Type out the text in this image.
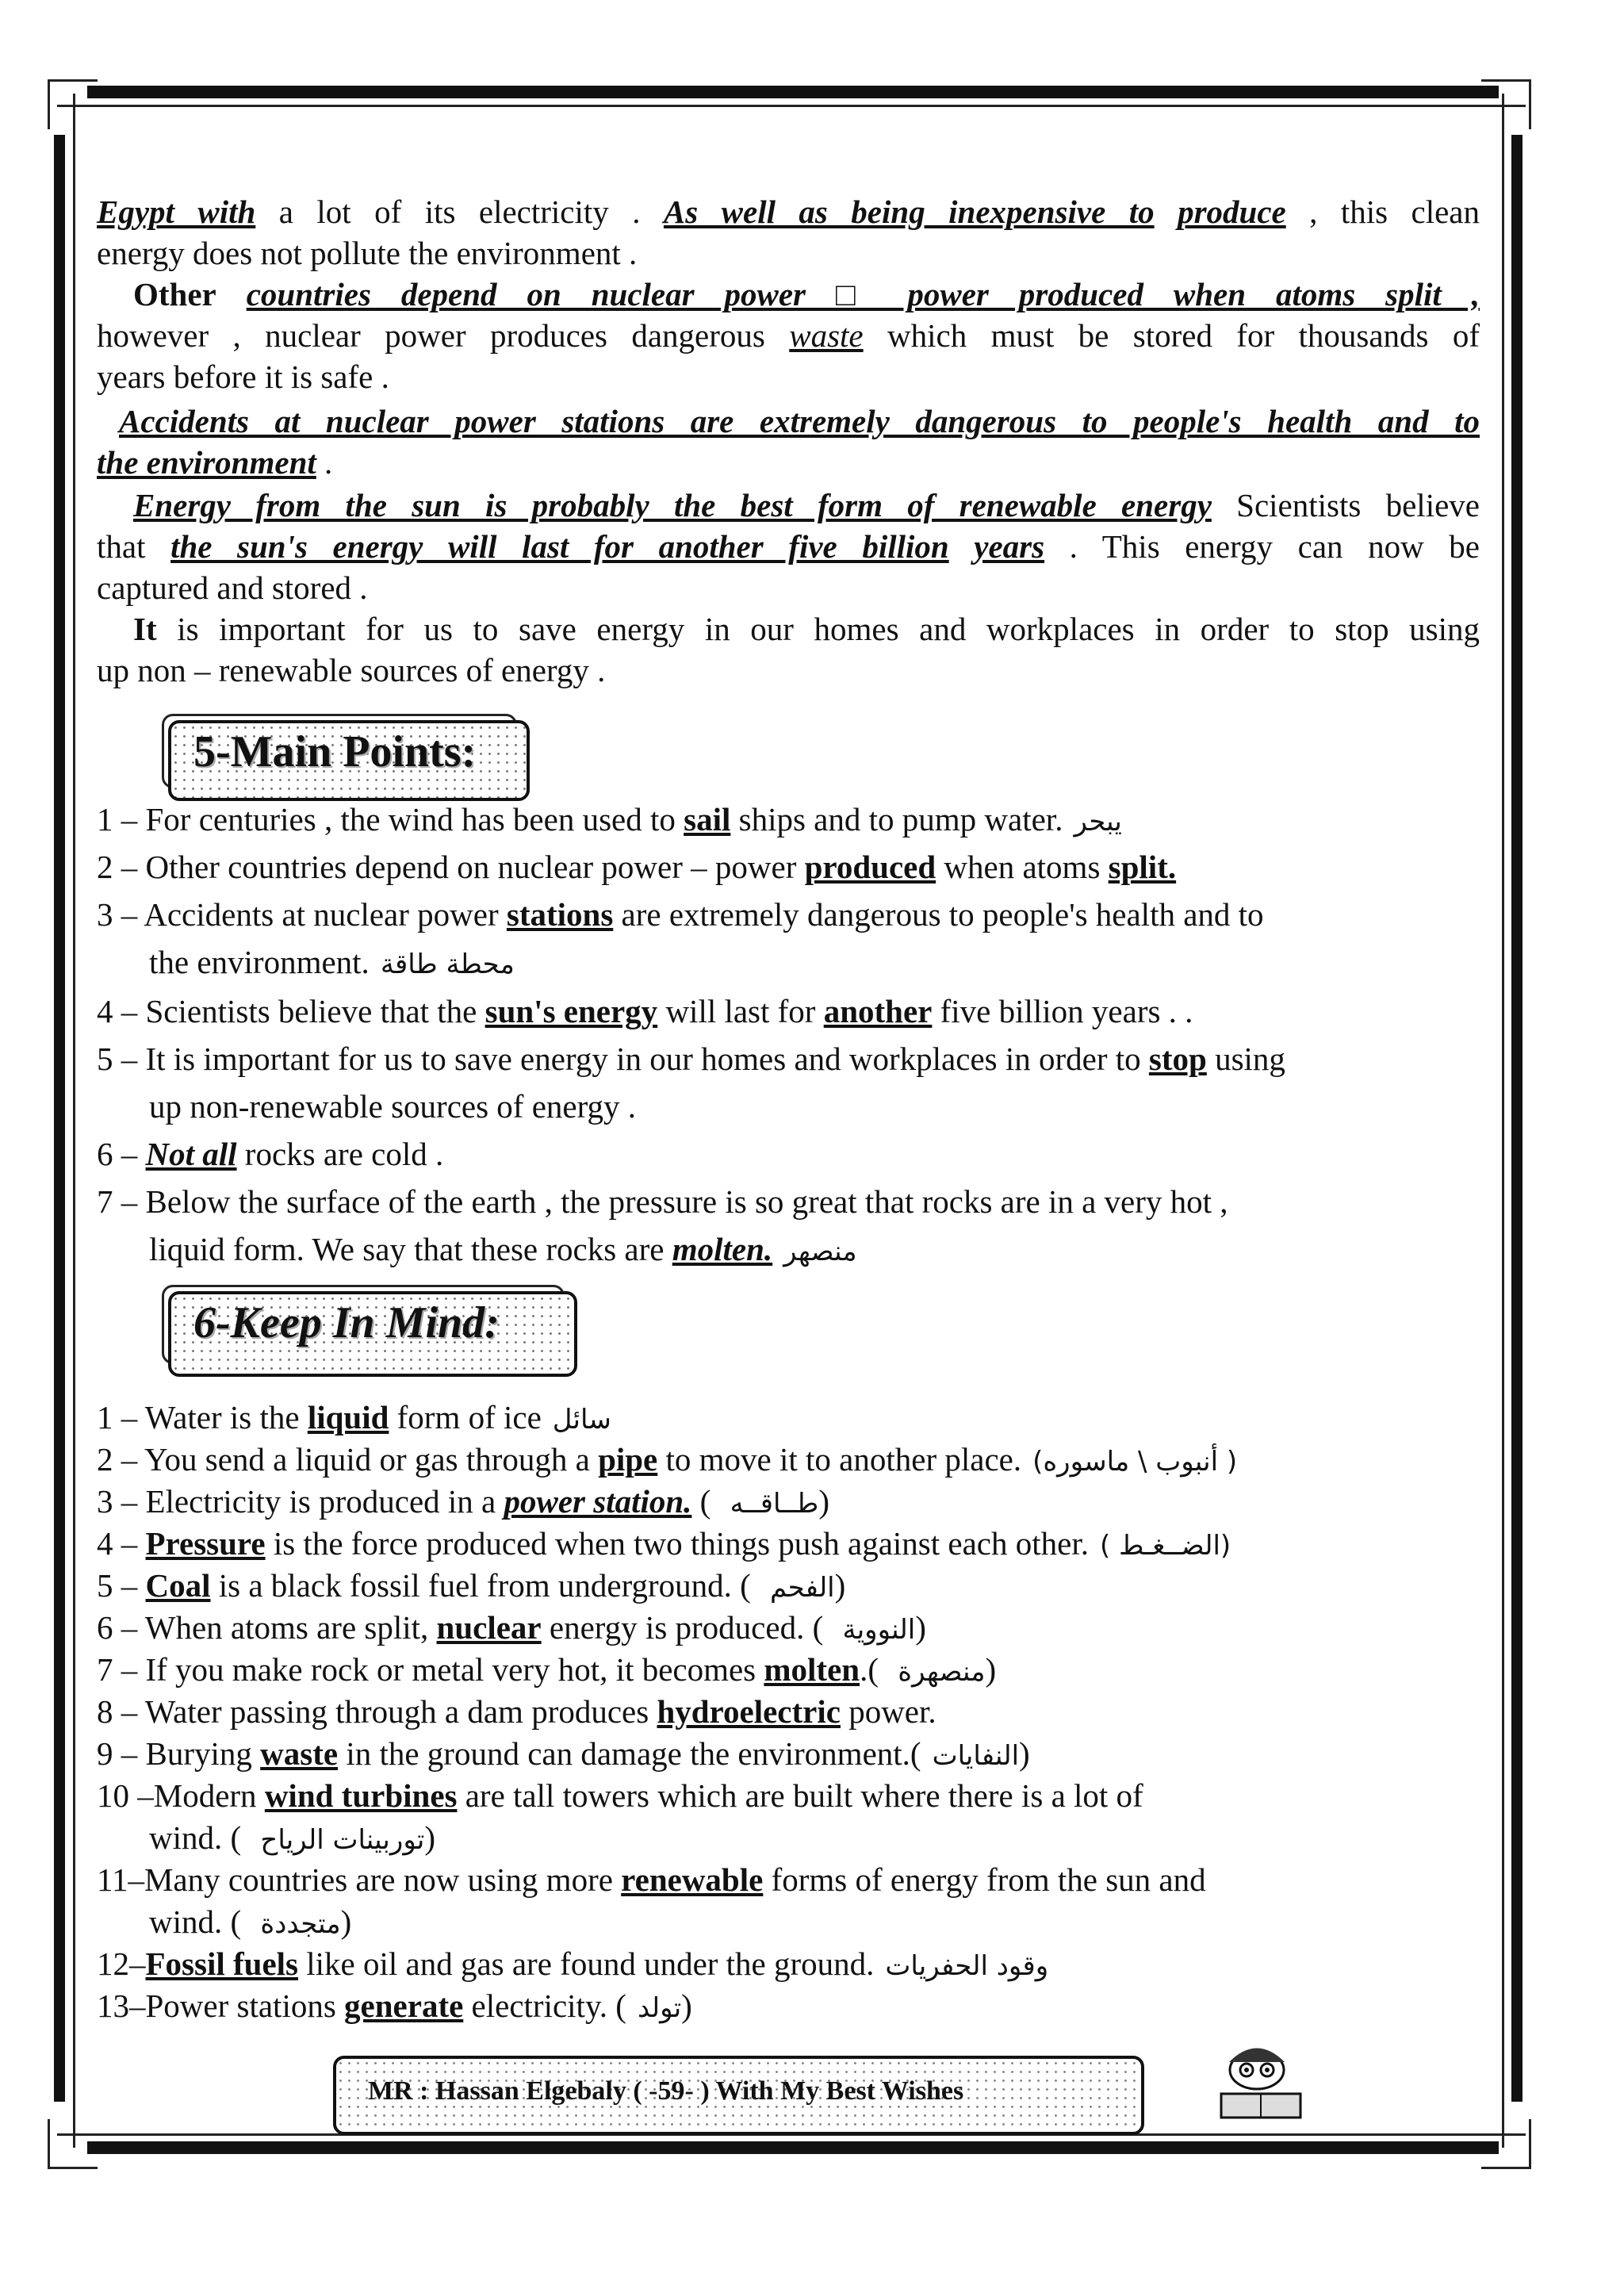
Egypt with a lot of its electricity . As well as being inexpensive to produce , this clean
energy does not pollute the environment .
Other countries depend on nuclear power □ power produced when atoms split ,
however , nuclear power produces dangerous waste which must be stored for thousands of
years before it is safe .
Accidents at nuclear power stations are extremely dangerous to people's health and to
the environment .
Energy from the sun is probably the best form of renewable energy Scientists believe
that the sun's energy will last for another five billion years . This energy can now be
captured and stored .
It is important for us to save energy in our homes and workplaces in order to stop using
up non – renewable sources of energy .
5-Main Points:
1 – For centuries , the wind has been used to sail ships and to pump water. يبحر
2 – Other countries depend on nuclear power – power produced when atoms split.
3 – Accidents at nuclear power stations are extremely dangerous to people's health and to
the environment. محطة طاقة
4 – Scientists believe that the sun's energy will last for another five billion years . .
5 – It is important for us to save energy in our homes and workplaces in order to stop using
up non-renewable sources of energy .
6 – Not all rocks are cold .
7 – Below the surface of the earth , the pressure is so great that rocks are in a very hot ,
liquid form. We say that these rocks are molten. منصهر
6-Keep In Mind:
1 – Water is the liquid form of ice سائل
2 – You send a liquid or gas through a pipe to move it to another place. ( أنبوب \ ماسوره)
3 – Electricity is produced in a power station. ( طــاقــه)
4 – Pressure is the force produced when two things push against each other. (الضــغـط )
5 – Coal is a black fossil fuel from underground. ( الفحم)
6 – When atoms are split, nuclear energy is produced. ( النووية)
7 – If you make rock or metal very hot, it becomes molten.( منصهرة)
8 – Water passing through a dam produces hydroelectric power.
9 – Burying waste in the ground can damage the environment.( النفايات)
10 –Modern wind turbines are tall towers which are built where there is a lot of
wind. ( توربينات الرياح)
11–Many countries are now using more renewable forms of energy from the sun and
wind. ( متجددة)
12–Fossil fuels like oil and gas are found under the ground. وقود الحفريات
13–Power stations generate electricity. ( تولد)
MR : Hassan Elgebaly ( -59- ) With My Best Wishes
